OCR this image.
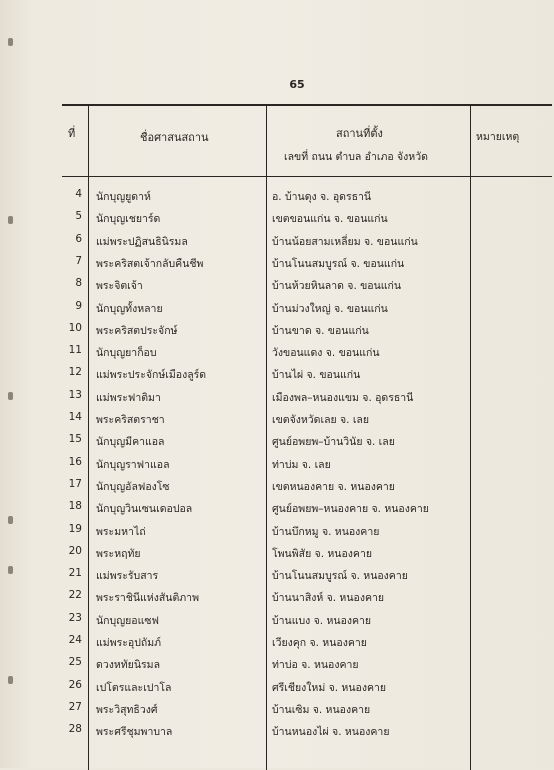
65
ที่	ชื่อศาสนสถาน	สถานที่ตั้ง
เลขที่ ถนน ตำบล อำเภอ จังหวัด
หมายเหตุ
4 นักบุญยูดาห์	อ. บ้านดุง จ. อุดรธานี
5 นักบุญเชยาร์ด	เขตขอนแก่น จ. ขอนแก่น
6 แม่พระปฏิสนธินิรมล	บ้านน้อยสามเหลี่ยม จ. ขอนแก่น
7 พระคริสตเจ้ากลับคืนชีพ	บ้านโนนสมบูรณ์ จ. ขอนแก่น
8 พระจิตเจ้า	บ้านห้วยหินลาด จ. ขอนแก่น
9 นักบุญทั้งหลาย	บ้านม่วงใหญ่ จ. ขอนแก่น
10 พระคริสตประจักษ์	บ้านขาด จ. ขอนแก่น
11 นักบุญยาก็อบ	วังขอนแดง จ. ขอนแก่น
12 แม่พระประจักษ์เมืองลูร์ด	บ้านไผ่ จ. ขอนแก่น
13 แม่พระฟาติมา	เมืองพล–หนองแขม จ. อุดรธานี
14 พระคริสตราชา	เขตจังหวัดเลย จ. เลย
15 นักบุญมีคาแอล	ศูนย์อพยพ–บ้านวินัย จ. เลย
16 นักบุญราฟาแอล	ท่าบ่ม จ. เลย
17 นักบุญอัลฟองโซ	เขตหนองคาย จ. หนองคาย
18 นักบุญวินเซนเดอปอล	ศูนย์อพยพ–หนองคาย จ. หนองคาย
19 พระมหาไถ่	บ้านบึกหมู จ. หนองคาย
20 พระหฤทัย	โพนพิสัย จ. หนองคาย
21 แม่พระรับสาร	บ้านโนนสมบูรณ์ จ. หนองคาย
22 พระราชินีแห่งสันติภาพ	บ้านนาสิงห์ จ. หนองคาย
23 นักบุญยอแซฟ	บ้านแบง จ. หนองคาย
24 แม่พระอุปถัมภ์	เวียงคุก จ. หนองคาย
25 ดวงหทัยนิรมล	ท่าบ่อ จ. หนองคาย
26 เปโตรและเปาโล	ศรีเชียงใหม่ จ. หนองคาย
27 พระวิสุทธิวงศ์	บ้านเซิม จ. หนองคาย
28 พระศรีชุมพาบาล	บ้านหนองไผ่ จ. หนองคาย
